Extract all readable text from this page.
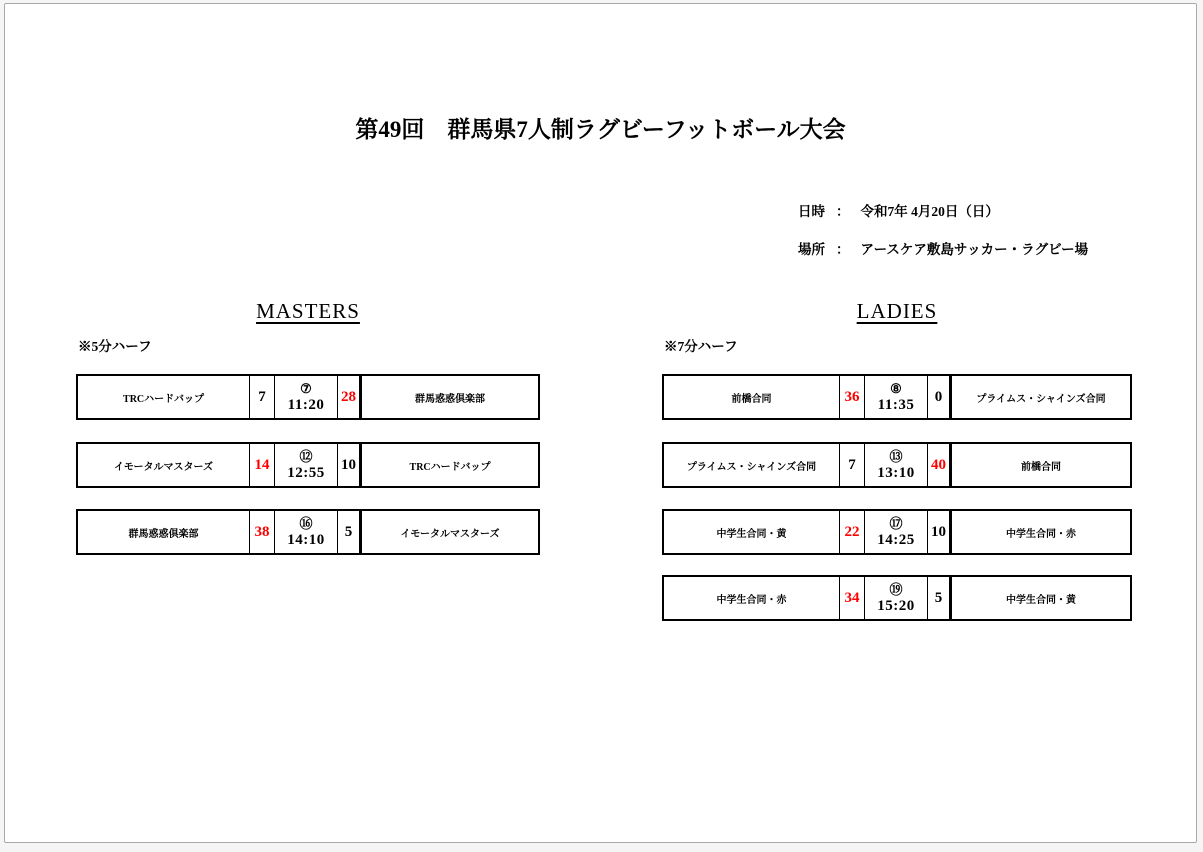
第49回　群馬県7人制ラグビーフットボール大会
日時 ： 令和7年 4月20日（日）
場所 ： アースケア敷島サッカー・ラグビー場
MASTERS
※5分ハーフ
TRCハードバップ	7	⑦
11:20
28	群馬惑惑倶楽部
イモータルマスターズ	14	⑫
12:55
10	TRCハードバップ
群馬惑惑倶楽部	38	⑯
14:10
5	イモータルマスターズ
LADIES
※7分ハーフ
前橋合同	36	⑧
11:35
0	プライムス・シャインズ合同
プライムス・シャインズ合同	7	⑬
13:10
40	前橋合同
中学生合同・黄	22	⑰
14:25
10	中学生合同・赤
中学生合同・赤	34	⑲
15:20
5	中学生合同・黄
